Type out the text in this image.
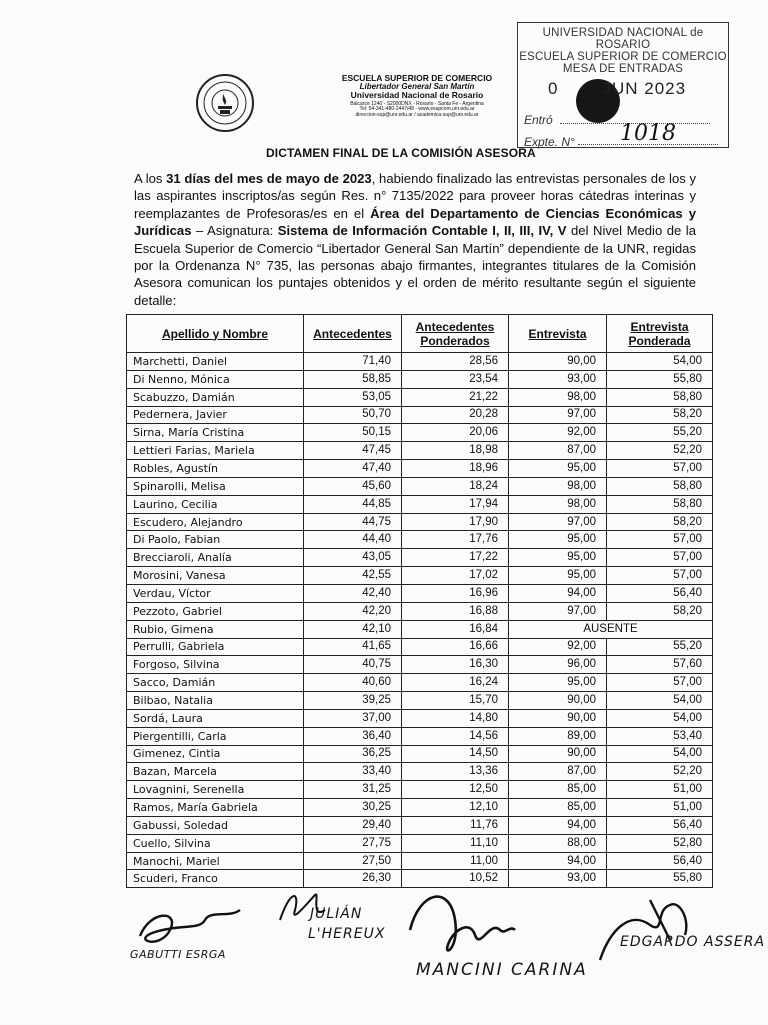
ESCUELA SUPERIOR DE COMERCIO
Libertador General San Martín
Universidad Nacional de Rosario
Balcarce 1240 - S2000DNX - Rosario - Santa Fe - Argentina
Tel: 54-341-480-2447/48 - www.esupcom.unr.edu.ar
direccion-sup@unr.edu.ar / academica-sup@unr.edu.ar
UNIVERSIDAD NACIONAL de ROSARIO
ESCUELA SUPERIOR DE COMERCIO
MESA DE ENTRADAS
0	JUN 2023
Entró
Expte. N° 1018
DICTAMEN FINAL DE LA COMISIÓN ASESORA
A los 31 días del mes de mayo de 2023, habiendo finalizado las entrevistas personales de los y las aspirantes inscriptos/as según Res. n° 7135/2022 para proveer horas cátedras interinas y reemplazantes de Profesoras/es en el Área del Departamento de Ciencias Económicas y Jurídicas – Asignatura: Sistema de Información Contable I, II, III, IV, V del Nivel Medio de la Escuela Superior de Comercio “Libertador General San Martín” dependiente de la UNR, regidas por la Ordenanza N° 735, las personas abajo firmantes, integrantes titulares de la Comisión Asesora comunican los puntajes obtenidos y el orden de mérito resultante según el siguiente detalle:
Apellido y Nombre	Antecedentes	Antecedentes Ponderados	Entrevista	Entrevista Ponderada
Marchetti, Daniel	71,40	28,56	90,00	54,00
Di Nenno, Mónica	58,85	23,54	93,00	55,80
Scabuzzo, Damián	53,05	21,22	98,00	58,80
Pedernera, Javier	50,70	20,28	97,00	58,20
Sirna, María Cristina	50,15	20,06	92,00	55,20
Lettieri Farias, Mariela	47,45	18,98	87,00	52,20
Robles, Agustín	47,40	18,96	95,00	57,00
Spinarolli, Melisa	45,60	18,24	98,00	58,80
Laurino, Cecilia	44,85	17,94	98,00	58,80
Escudero, Alejandro	44,75	17,90	97,00	58,20
Di Paolo, Fabian	44,40	17,76	95,00	57,00
Brecciaroli, Analía	43,05	17,22	95,00	57,00
Morosini, Vanesa	42,55	17,02	95,00	57,00
Verdau, Víctor	42,40	16,96	94,00	56,40
Pezzoto, Gabriel	42,20	16,88	97,00	58,20
Rubio, Gimena	42,10	16,84	AUSENTE	
Perrulli, Gabriela	41,65	16,66	92,00	55,20
Forgoso, Silvina	40,75	16,30	96,00	57,60
Sacco, Damián	40,60	16,24	95,00	57,00
Bilbao, Natalia	39,25	15,70	90,00	54,00
Sordá, Laura	37,00	14,80	90,00	54,00
Piergentilli, Carla	36,40	14,56	89,00	53,40
Gimenez, Cintia	36,25	14,50	90,00	54,00
Bazan, Marcela	33,40	13,36	87,00	52,20
Lovagnini, Serenella	31,25	12,50	85,00	51,00
Ramos, María Gabriela	30,25	12,10	85,00	51,00
Gabussi, Soledad	29,40	11,76	94,00	56,40
Cuello, Silvina	27,75	11,10	88,00	52,80
Manochi, Mariel	27,50	11,00	94,00	56,40
Scuderi, Franco	26,30	10,52	93,00	55,80
GABUTTI ESRGA
JULIÁN
L'HEREUX
MANCINI CARINA
EDGARDO ASSERA
